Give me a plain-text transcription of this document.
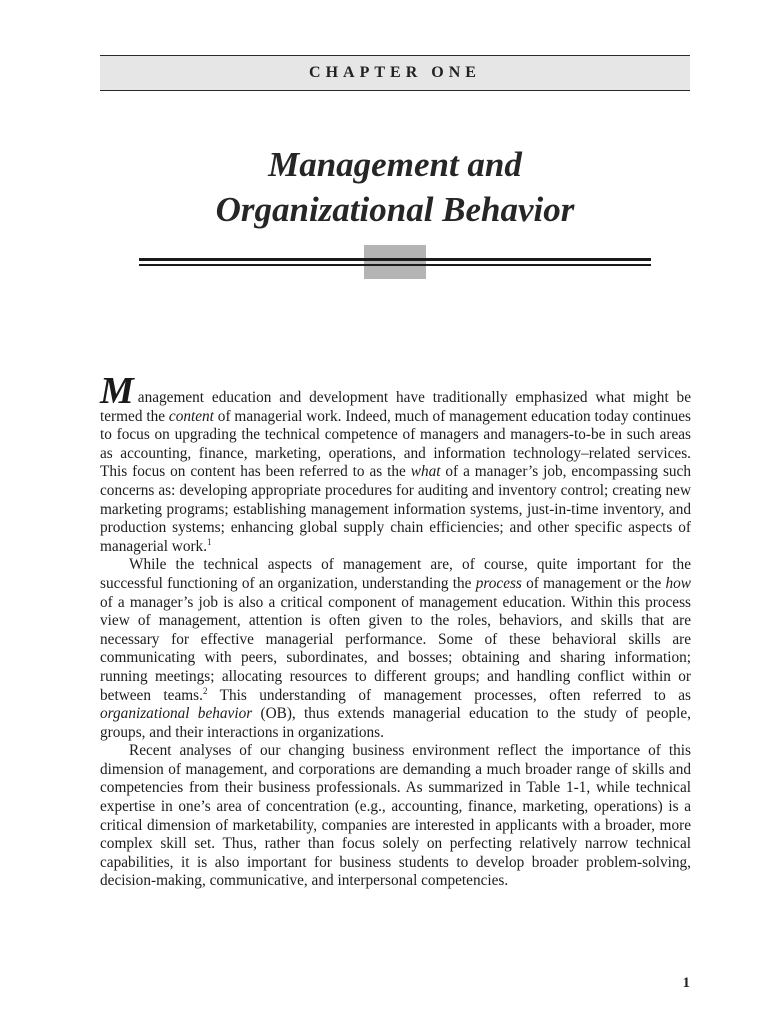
CHAPTER ONE
Management and
Organizational Behavior

Management education and development have traditionally emphasized what might be termed the content of managerial work. Indeed, much of management education today continues to focus on upgrading the technical competence of managers and managers-to-be in such areas as accounting, finance, marketing, operations, and information technology–related services. This focus on content has been referred to as the what of a manager’s job, encompassing such concerns as: developing appropriate procedures for auditing and inventory control; creating new marketing programs; establishing management information systems, just-in-time inventory, and production systems; enhancing global supply chain efficiencies; and other specific aspects of managerial work.$^1$

While the technical aspects of management are, of course, quite important for the successful functioning of an organization, understanding the process of management or the how of a manager’s job is also a critical component of management education. Within this process view of management, attention is often given to the roles, behaviors, and skills that are necessary for effective managerial performance. Some of these behavioral skills are communicating with peers, subordinates, and bosses; obtaining and sharing information; running meetings; allocating resources to different groups; and handling conflict within or between teams.$^2$ This understanding of management processes, often referred to as organizational behavior (OB), thus extends managerial education to the study of people, groups, and their interactions in organizations.

Recent analyses of our changing business environment reflect the importance of this dimension of management, and corporations are demanding a much broader range of skills and competencies from their business professionals. As summarized in Table 1-1, while technical expertise in one’s area of concentration (e.g., accounting, finance, marketing, operations) is a critical dimension of marketability, companies are interested in applicants with a broader, more complex skill set. Thus, rather than focus solely on perfecting relatively narrow technical capabilities, it is also important for business students to develop broader problem-solving, decision-making, communicative, and interpersonal competencies.

1
